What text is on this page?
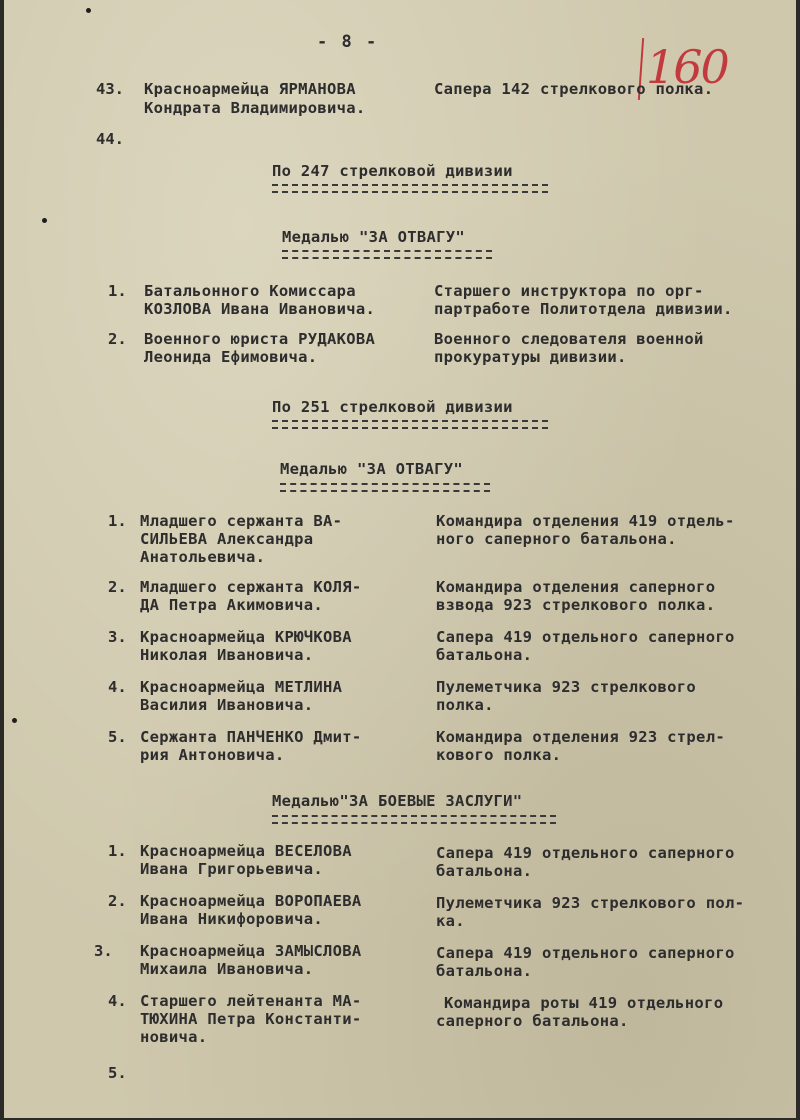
- 8 -	160
43. Красноармейца ЯРМАНОВА
Кондрата Владимировича.
Сапера 142 стрелкового полка.
44.
По 247 стрелковой дивизии
Медалью "ЗА ОТВАГУ"
1. Батальонного Комиссара
КОЗЛОВА Ивана Ивановича.
Старшего инструктора по орг-
партработе Политотдела дивизии.
2. Военного юриста РУДАКОВА
Леонида Ефимовича.
Военного следователя военной
прокуратуры дивизии.
По 251 стрелковой дивизии
Медалью "ЗА ОТВАГУ"
1. Младшего сержанта ВА-
СИЛЬЕВА Александра
Анатольевича.
Командира отделения 419 отдель-
ного саперного батальона.
2. Младшего сержанта КОЛЯ-
ДА Петра Акимовича.
Командира отделения саперного
взвода 923 стрелкового полка.
3. Красноармейца КРЮЧКОВА
Николая Ивановича.
Сапера 419 отдельного саперного
батальона.
4. Красноармейца МЕТЛИНА
Василия Ивановича.
Пулеметчика 923 стрелкового
полка.
5. Сержанта ПАНЧЕНКО Дмит-
рия Антоновича.
Командира отделения 923 стрел-
кового полка.
Медалью"ЗА БОЕВЫЕ ЗАСЛУГИ"
1. Красноармейца ВЕСЕЛОВА
Ивана Григорьевича.
Сапера 419 отдельного саперного
батальона.
2. Красноармейца ВОРОПАЕВА
Ивана Никифоровича.
Пулеметчика 923 стрелкового пол-
ка.
3. Красноармейца ЗАМЫСЛОВА
Михаила Ивановича.
Сапера 419 отдельного саперного
батальона.
4. Старшего лейтенанта МА-
ТЮХИНА Петра Константи-
новича.
Командира роты 419 отдельного
саперного батальона.
5.
